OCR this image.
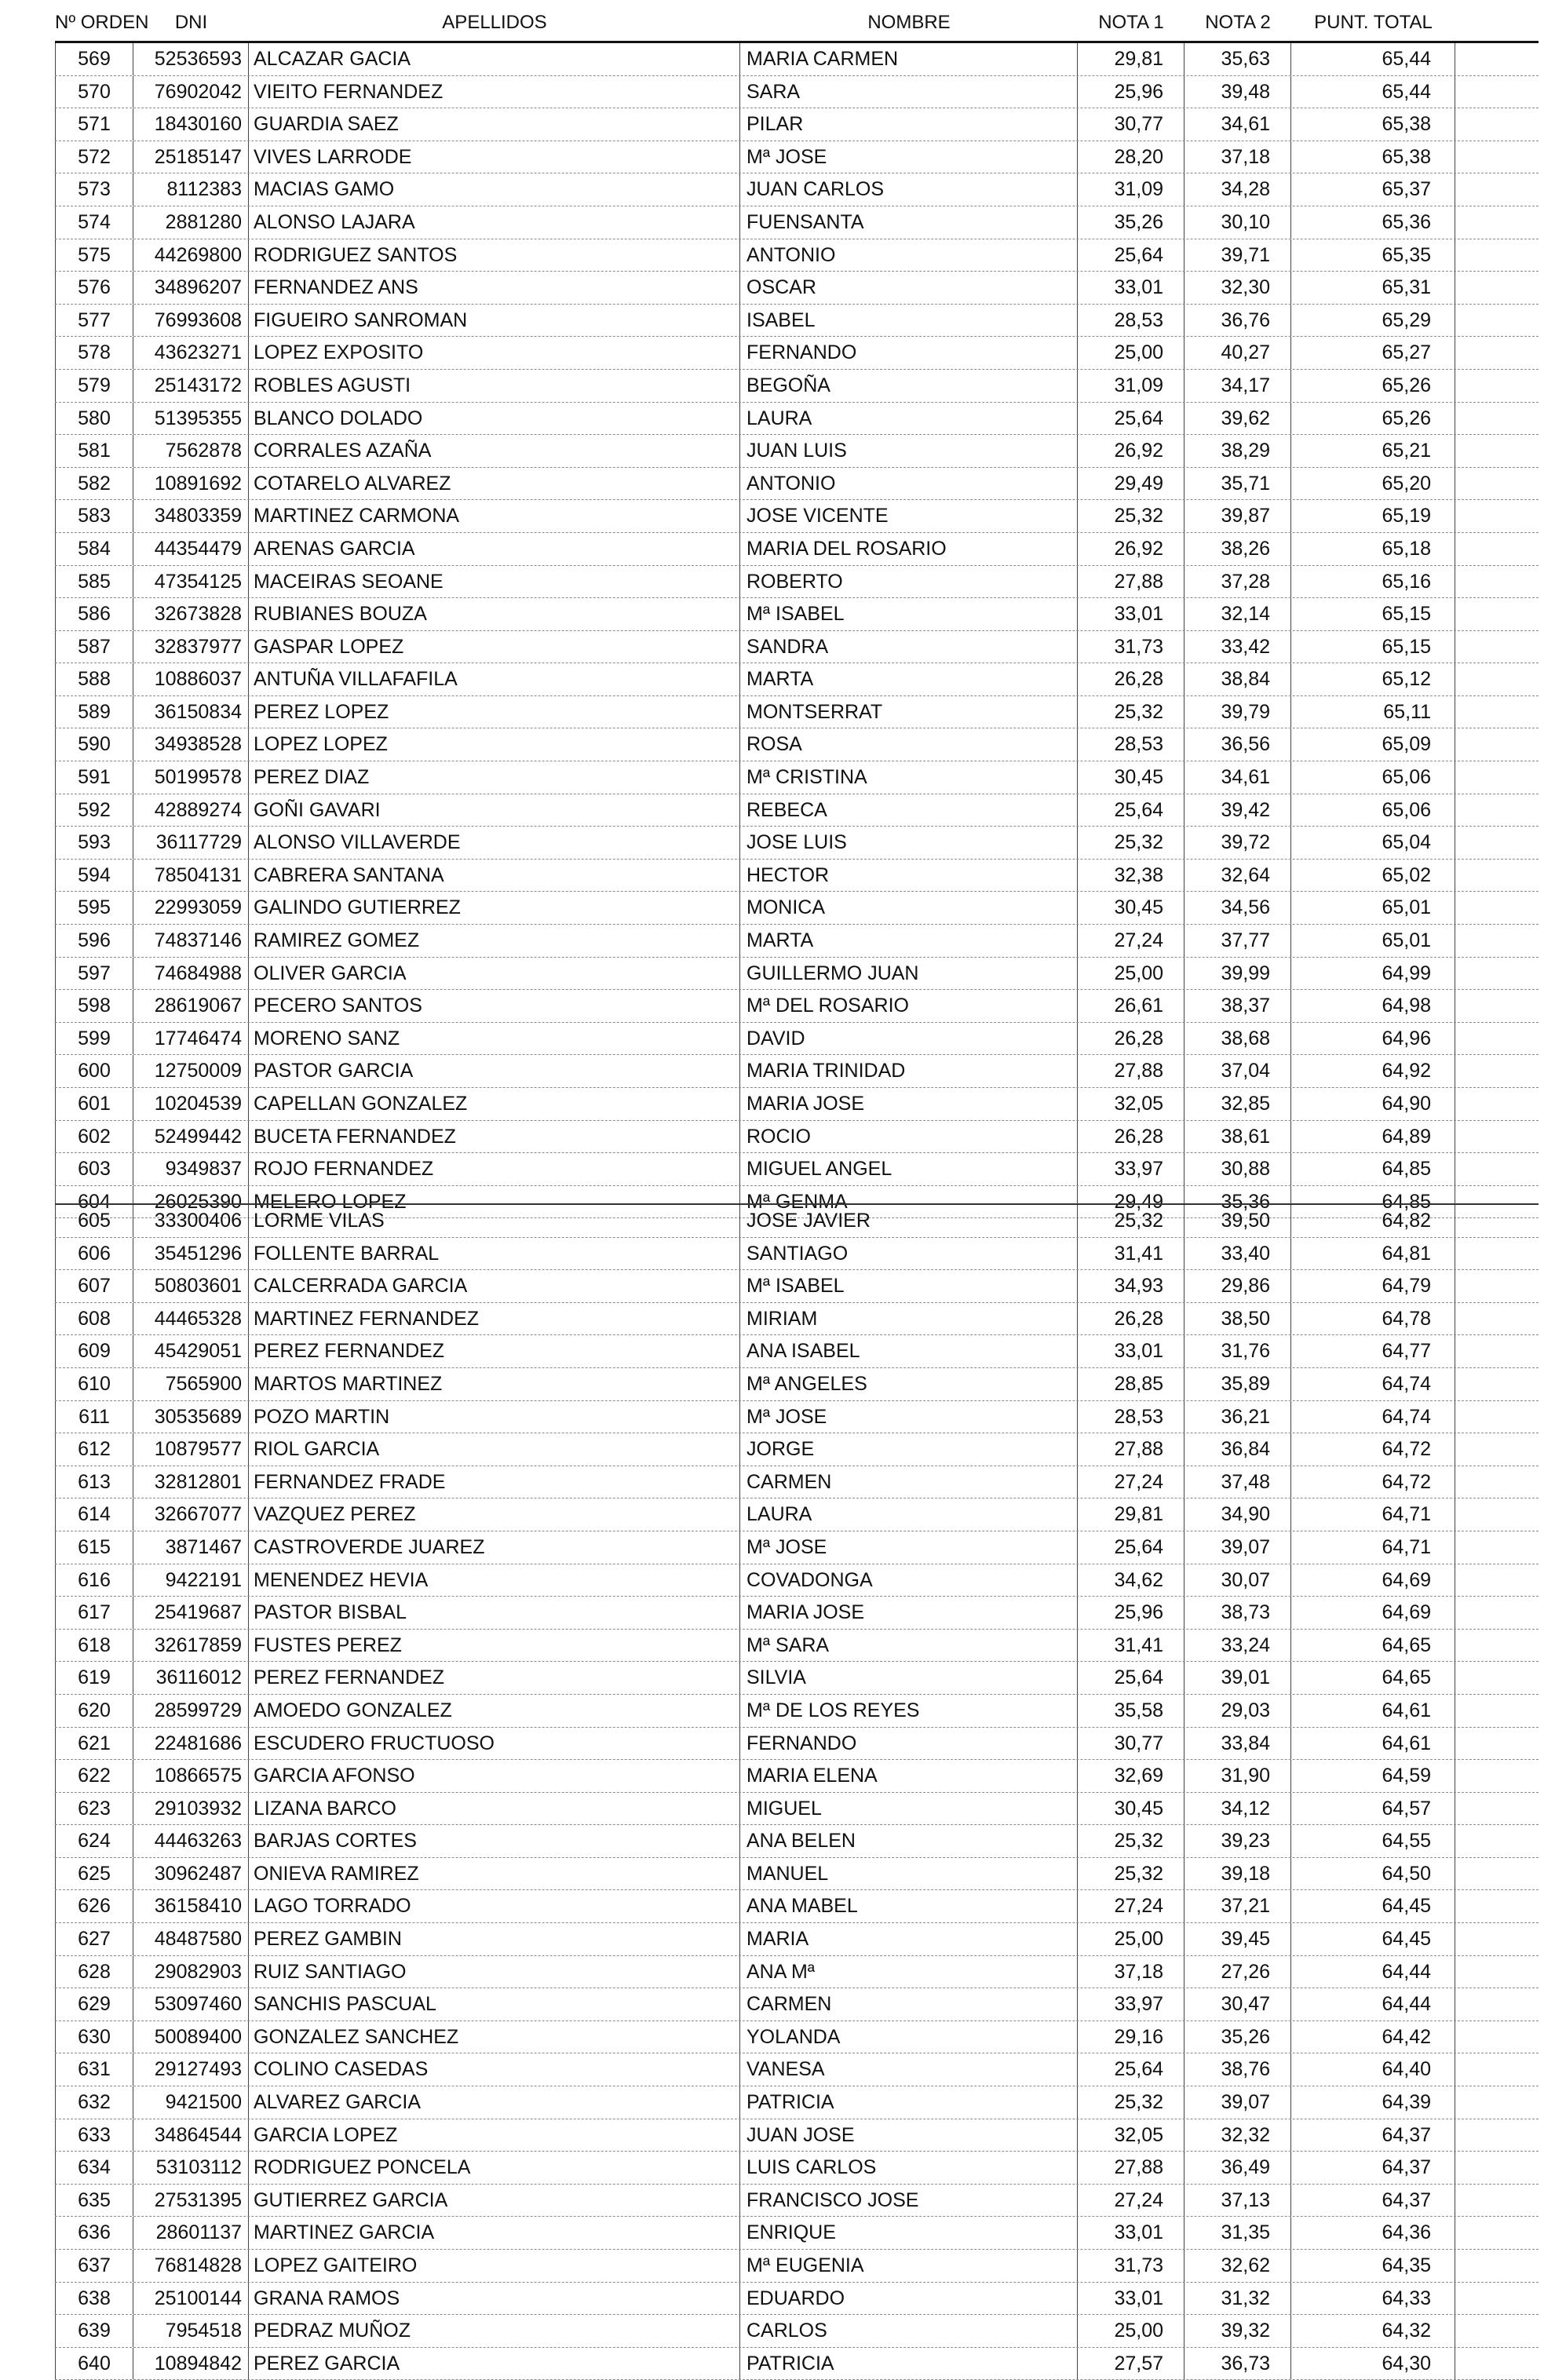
Nº ORDEN	DNI	APELLIDOS	NOMBRE	NOTA 1	NOTA 2	PUNT. TOTAL
569	52536593 ALCAZAR GACIA	MARIA CARMEN	29,81	35,63	65,44
570	76902042 VIEITO FERNANDEZ	SARA	25,96	39,48	65,44
571	18430160 GUARDIA SAEZ	PILAR	30,77	34,61	65,38
572	25185147 VIVES LARRODE	Mª JOSE	28,20	37,18	65,38
573	8112383 MACIAS GAMO	JUAN CARLOS	31,09	34,28	65,37
574	2881280 ALONSO LAJARA	FUENSANTA	35,26	30,10	65,36
575	44269800 RODRIGUEZ SANTOS	ANTONIO	25,64	39,71	65,35
576	34896207 FERNANDEZ ANS	OSCAR	33,01	32,30	65,31
577	76993608 FIGUEIRO SANROMAN	ISABEL	28,53	36,76	65,29
578	43623271 LOPEZ EXPOSITO	FERNANDO	25,00	40,27	65,27
579	25143172 ROBLES AGUSTI	BEGOÑA	31,09	34,17	65,26
580	51395355 BLANCO DOLADO	LAURA	25,64	39,62	65,26
581	7562878 CORRALES AZAÑA	JUAN LUIS	26,92	38,29	65,21
582	10891692 COTARELO ALVAREZ	ANTONIO	29,49	35,71	65,20
583	34803359 MARTINEZ CARMONA	JOSE VICENTE	25,32	39,87	65,19
584	44354479 ARENAS GARCIA	MARIA DEL ROSARIO	26,92	38,26	65,18
585	47354125 MACEIRAS SEOANE	ROBERTO	27,88	37,28	65,16
586	32673828 RUBIANES BOUZA	Mª ISABEL	33,01	32,14	65,15
587	32837977 GASPAR LOPEZ	SANDRA	31,73	33,42	65,15
588	10886037 ANTUÑA VILLAFAFILA	MARTA	26,28	38,84	65,12
589	36150834 PEREZ LOPEZ	MONTSERRAT	25,32	39,79	65,11
590	34938528 LOPEZ LOPEZ	ROSA	28,53	36,56	65,09
591	50199578 PEREZ DIAZ	Mª CRISTINA	30,45	34,61	65,06
592	42889274 GOÑI GAVARI	REBECA	25,64	39,42	65,06
593	36117729 ALONSO VILLAVERDE	JOSE LUIS	25,32	39,72	65,04
594	78504131 CABRERA SANTANA	HECTOR	32,38	32,64	65,02
595	22993059 GALINDO GUTIERREZ	MONICA	30,45	34,56	65,01
596	74837146 RAMIREZ GOMEZ	MARTA	27,24	37,77	65,01
597	74684988 OLIVER GARCIA	GUILLERMO JUAN	25,00	39,99	64,99
598	28619067 PECERO SANTOS	Mª DEL ROSARIO	26,61	38,37	64,98
599	17746474 MORENO SANZ	DAVID	26,28	38,68	64,96
600	12750009 PASTOR GARCIA	MARIA TRINIDAD	27,88	37,04	64,92
601	10204539 CAPELLAN GONZALEZ	MARIA JOSE	32,05	32,85	64,90
602	52499442 BUCETA FERNANDEZ	ROCIO	26,28	38,61	64,89
603	9349837 ROJO FERNANDEZ	MIGUEL ANGEL	33,97	30,88	64,85
604	26025390 MELERO LOPEZ	Mª GENMA	29,49	35,36	64,85
605	33300406 LORME VILAS	JOSE JAVIER	25,32	39,50	64,82
606	35451296 FOLLENTE BARRAL	SANTIAGO	31,41	33,40	64,81
607	50803601 CALCERRADA GARCIA	Mª ISABEL	34,93	29,86	64,79
608	44465328 MARTINEZ FERNANDEZ	MIRIAM	26,28	38,50	64,78
609	45429051 PEREZ FERNANDEZ	ANA ISABEL	33,01	31,76	64,77
610	7565900 MARTOS MARTINEZ	Mª ANGELES	28,85	35,89	64,74
611	30535689 POZO MARTIN	Mª JOSE	28,53	36,21	64,74
612	10879577 RIOL GARCIA	JORGE	27,88	36,84	64,72
613	32812801 FERNANDEZ FRADE	CARMEN	27,24	37,48	64,72
614	32667077 VAZQUEZ PEREZ	LAURA	29,81	34,90	64,71
615	3871467 CASTROVERDE JUAREZ	Mª JOSE	25,64	39,07	64,71
616	9422191 MENENDEZ HEVIA	COVADONGA	34,62	30,07	64,69
617	25419687 PASTOR BISBAL	MARIA JOSE	25,96	38,73	64,69
618	32617859 FUSTES PEREZ	Mª SARA	31,41	33,24	64,65
619	36116012 PEREZ FERNANDEZ	SILVIA	25,64	39,01	64,65
620	28599729 AMOEDO GONZALEZ	Mª DE LOS REYES	35,58	29,03	64,61
621	22481686 ESCUDERO FRUCTUOSO	FERNANDO	30,77	33,84	64,61
622	10866575 GARCIA AFONSO	MARIA ELENA	32,69	31,90	64,59
623	29103932 LIZANA BARCO	MIGUEL	30,45	34,12	64,57
624	44463263 BARJAS CORTES	ANA BELEN	25,32	39,23	64,55
625	30962487 ONIEVA RAMIREZ	MANUEL	25,32	39,18	64,50
626	36158410 LAGO TORRADO	ANA MABEL	27,24	37,21	64,45
627	48487580 PEREZ GAMBIN	MARIA	25,00	39,45	64,45
628	29082903 RUIZ SANTIAGO	ANA Mª	37,18	27,26	64,44
629	53097460 SANCHIS PASCUAL	CARMEN	33,97	30,47	64,44
630	50089400 GONZALEZ SANCHEZ	YOLANDA	29,16	35,26	64,42
631	29127493 COLINO CASEDAS	VANESA	25,64	38,76	64,40
632	9421500 ALVAREZ GARCIA	PATRICIA	25,32	39,07	64,39
633	34864544 GARCIA LOPEZ	JUAN JOSE	32,05	32,32	64,37
634	53103112 RODRIGUEZ PONCELA	LUIS CARLOS	27,88	36,49	64,37
635	27531395 GUTIERREZ GARCIA	FRANCISCO JOSE	27,24	37,13	64,37
636	28601137 MARTINEZ GARCIA	ENRIQUE	33,01	31,35	64,36
637	76814828 LOPEZ GAITEIRO	Mª EUGENIA	31,73	32,62	64,35
638	25100144 GRANA RAMOS	EDUARDO	33,01	31,32	64,33
639	7954518 PEDRAZ MUÑOZ	CARLOS	25,00	39,32	64,32
640	10894842 PEREZ GARCIA	PATRICIA	27,57	36,73	64,30
